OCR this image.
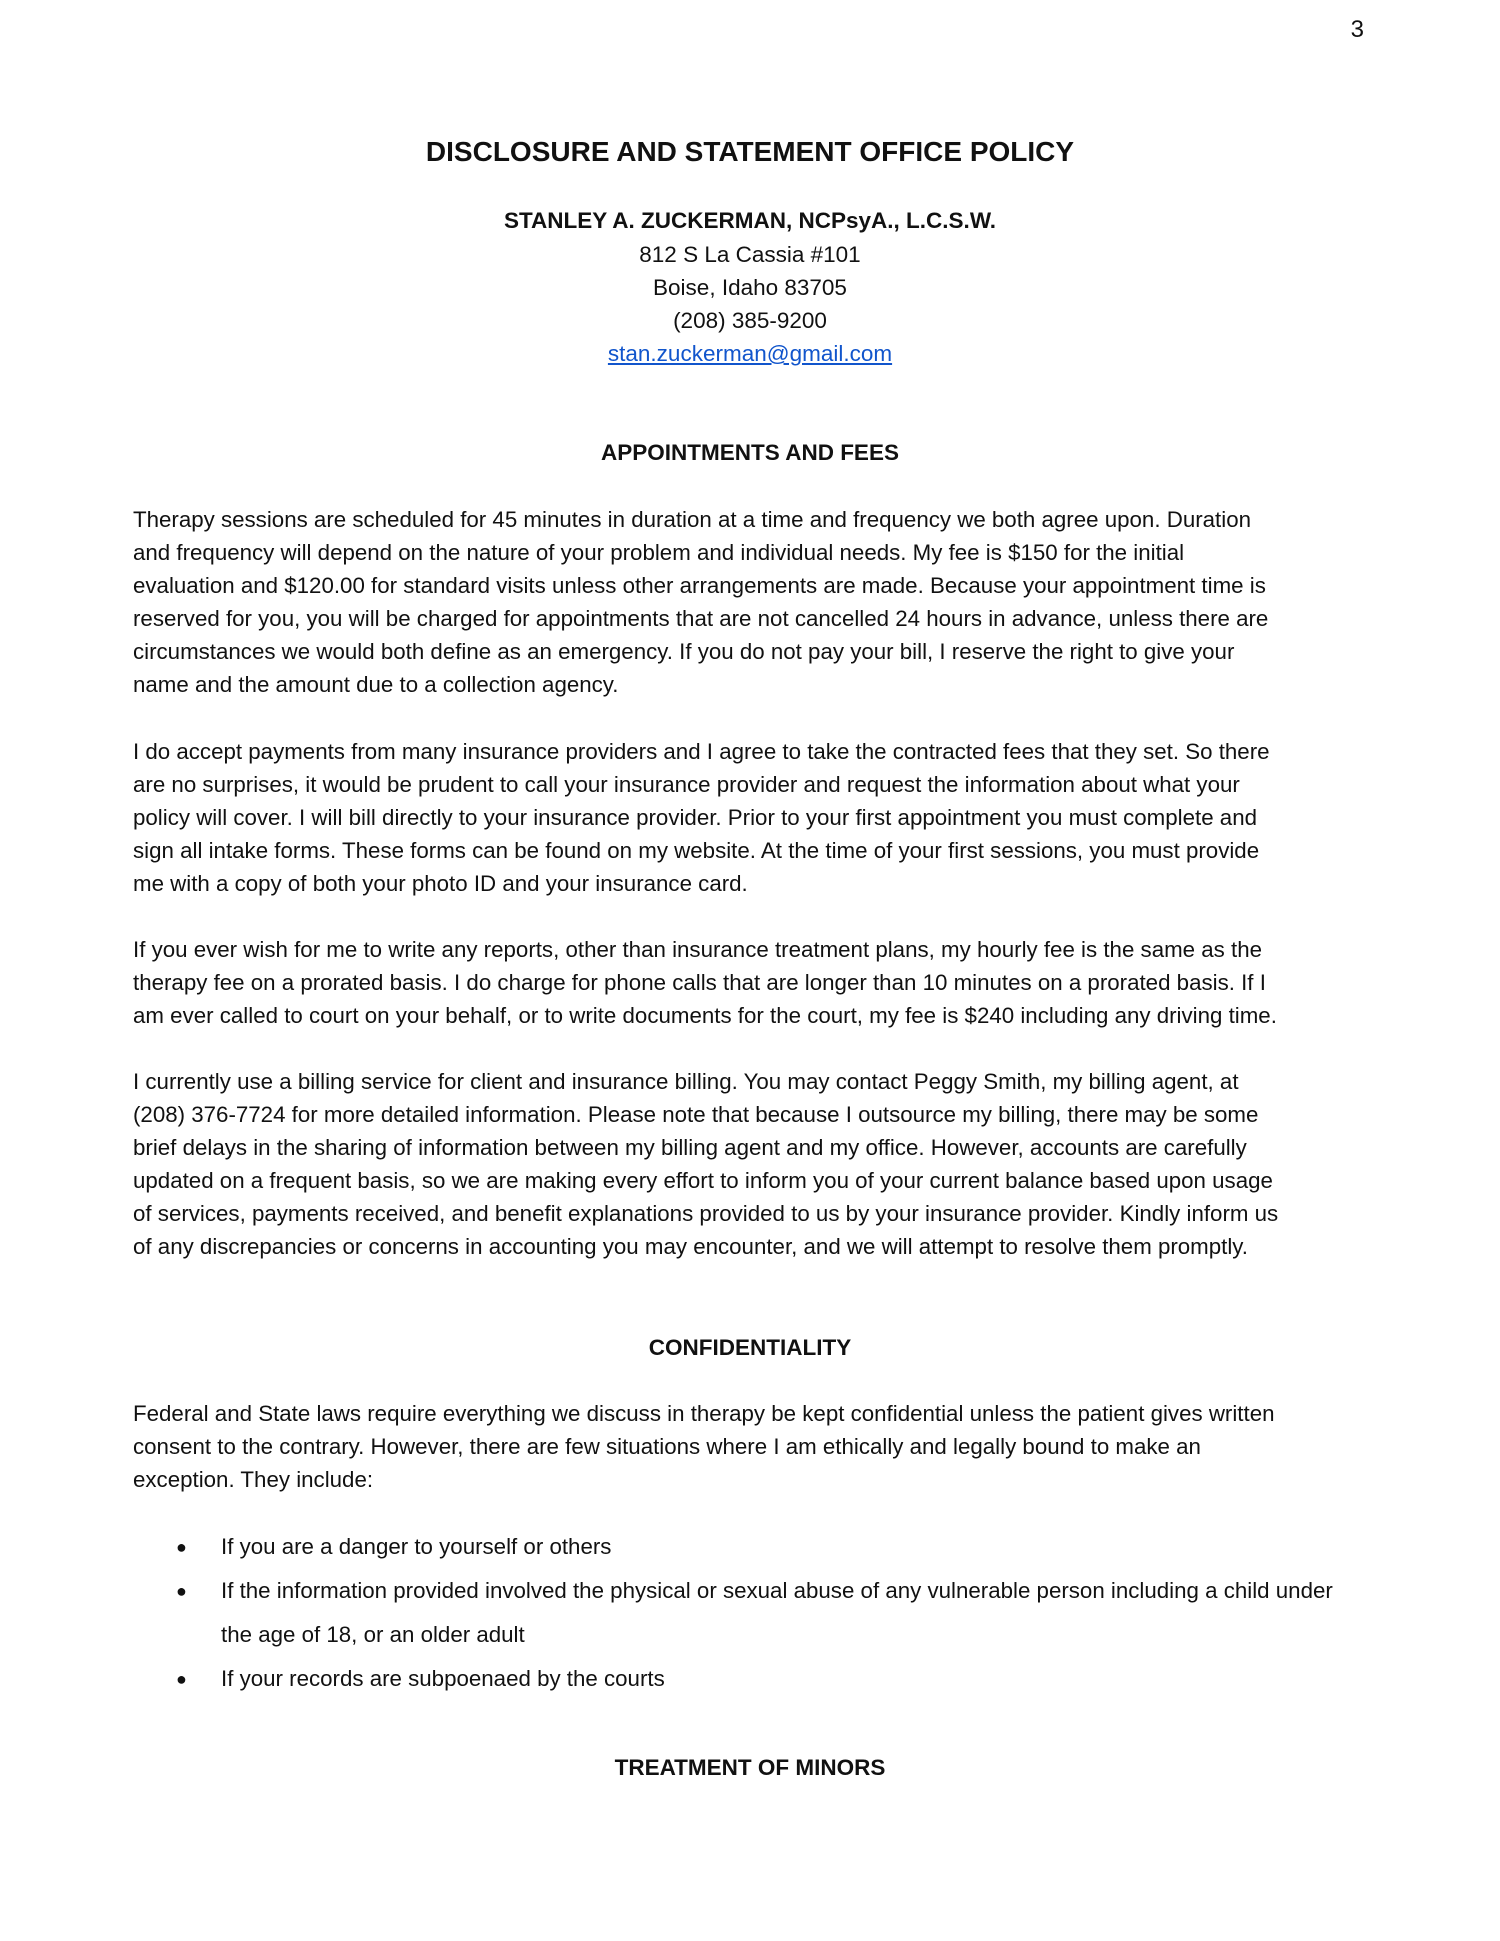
3
DISCLOSURE AND STATEMENT OFFICE POLICY
STANLEY A. ZUCKERMAN, NCPsyA., L.C.S.W.
812 S La Cassia #101
Boise, Idaho 83705
(208) 385-9200
stan.zuckerman@gmail.com
APPOINTMENTS AND FEES
Therapy sessions are scheduled for 45 minutes in duration at a time and frequency we both agree upon. Duration
and frequency will depend on the nature of your problem and individual needs. My fee is $150 for the initial
evaluation and $120.00 for standard visits unless other arrangements are made. Because your appointment time is
reserved for you, you will be charged for appointments that are not cancelled 24 hours in advance, unless there are
circumstances we would both define as an emergency. If you do not pay your bill, I reserve the right to give your
name and the amount due to a collection agency.
I do accept payments from many insurance providers and I agree to take the contracted fees that they set. So there
are no surprises, it would be prudent to call your insurance provider and request the information about what your
policy will cover. I will bill directly to your insurance provider. Prior to your first appointment you must complete and
sign all intake forms. These forms can be found on my website. At the time of your first sessions, you must provide
me with a copy of both your photo ID and your insurance card.
If you ever wish for me to write any reports, other than insurance treatment plans, my hourly fee is the same as the
therapy fee on a prorated basis. I do charge for phone calls that are longer than 10 minutes on a prorated basis. If I
am ever called to court on your behalf, or to write documents for the court, my fee is $240 including any driving time.
I currently use a billing service for client and insurance billing. You may contact Peggy Smith, my billing agent, at
(208) 376-7724 for more detailed information. Please note that because I outsource my billing, there may be some
brief delays in the sharing of information between my billing agent and my office. However, accounts are carefully
updated on a frequent basis, so we are making every effort to inform you of your current balance based upon usage
of services, payments received, and benefit explanations provided to us by your insurance provider. Kindly inform us
of any discrepancies or concerns in accounting you may encounter, and we will attempt to resolve them promptly.
CONFIDENTIALITY
Federal and State laws require everything we discuss in therapy be kept confidential unless the patient gives written
consent to the contrary. However, there are few situations where I am ethically and legally bound to make an
exception. They include:
● If you are a danger to yourself or others
● If the information provided involved the physical or sexual abuse of any vulnerable person including a child under the age of 18, or an older adult
● If your records are subpoenaed by the courts
TREATMENT OF MINORS
